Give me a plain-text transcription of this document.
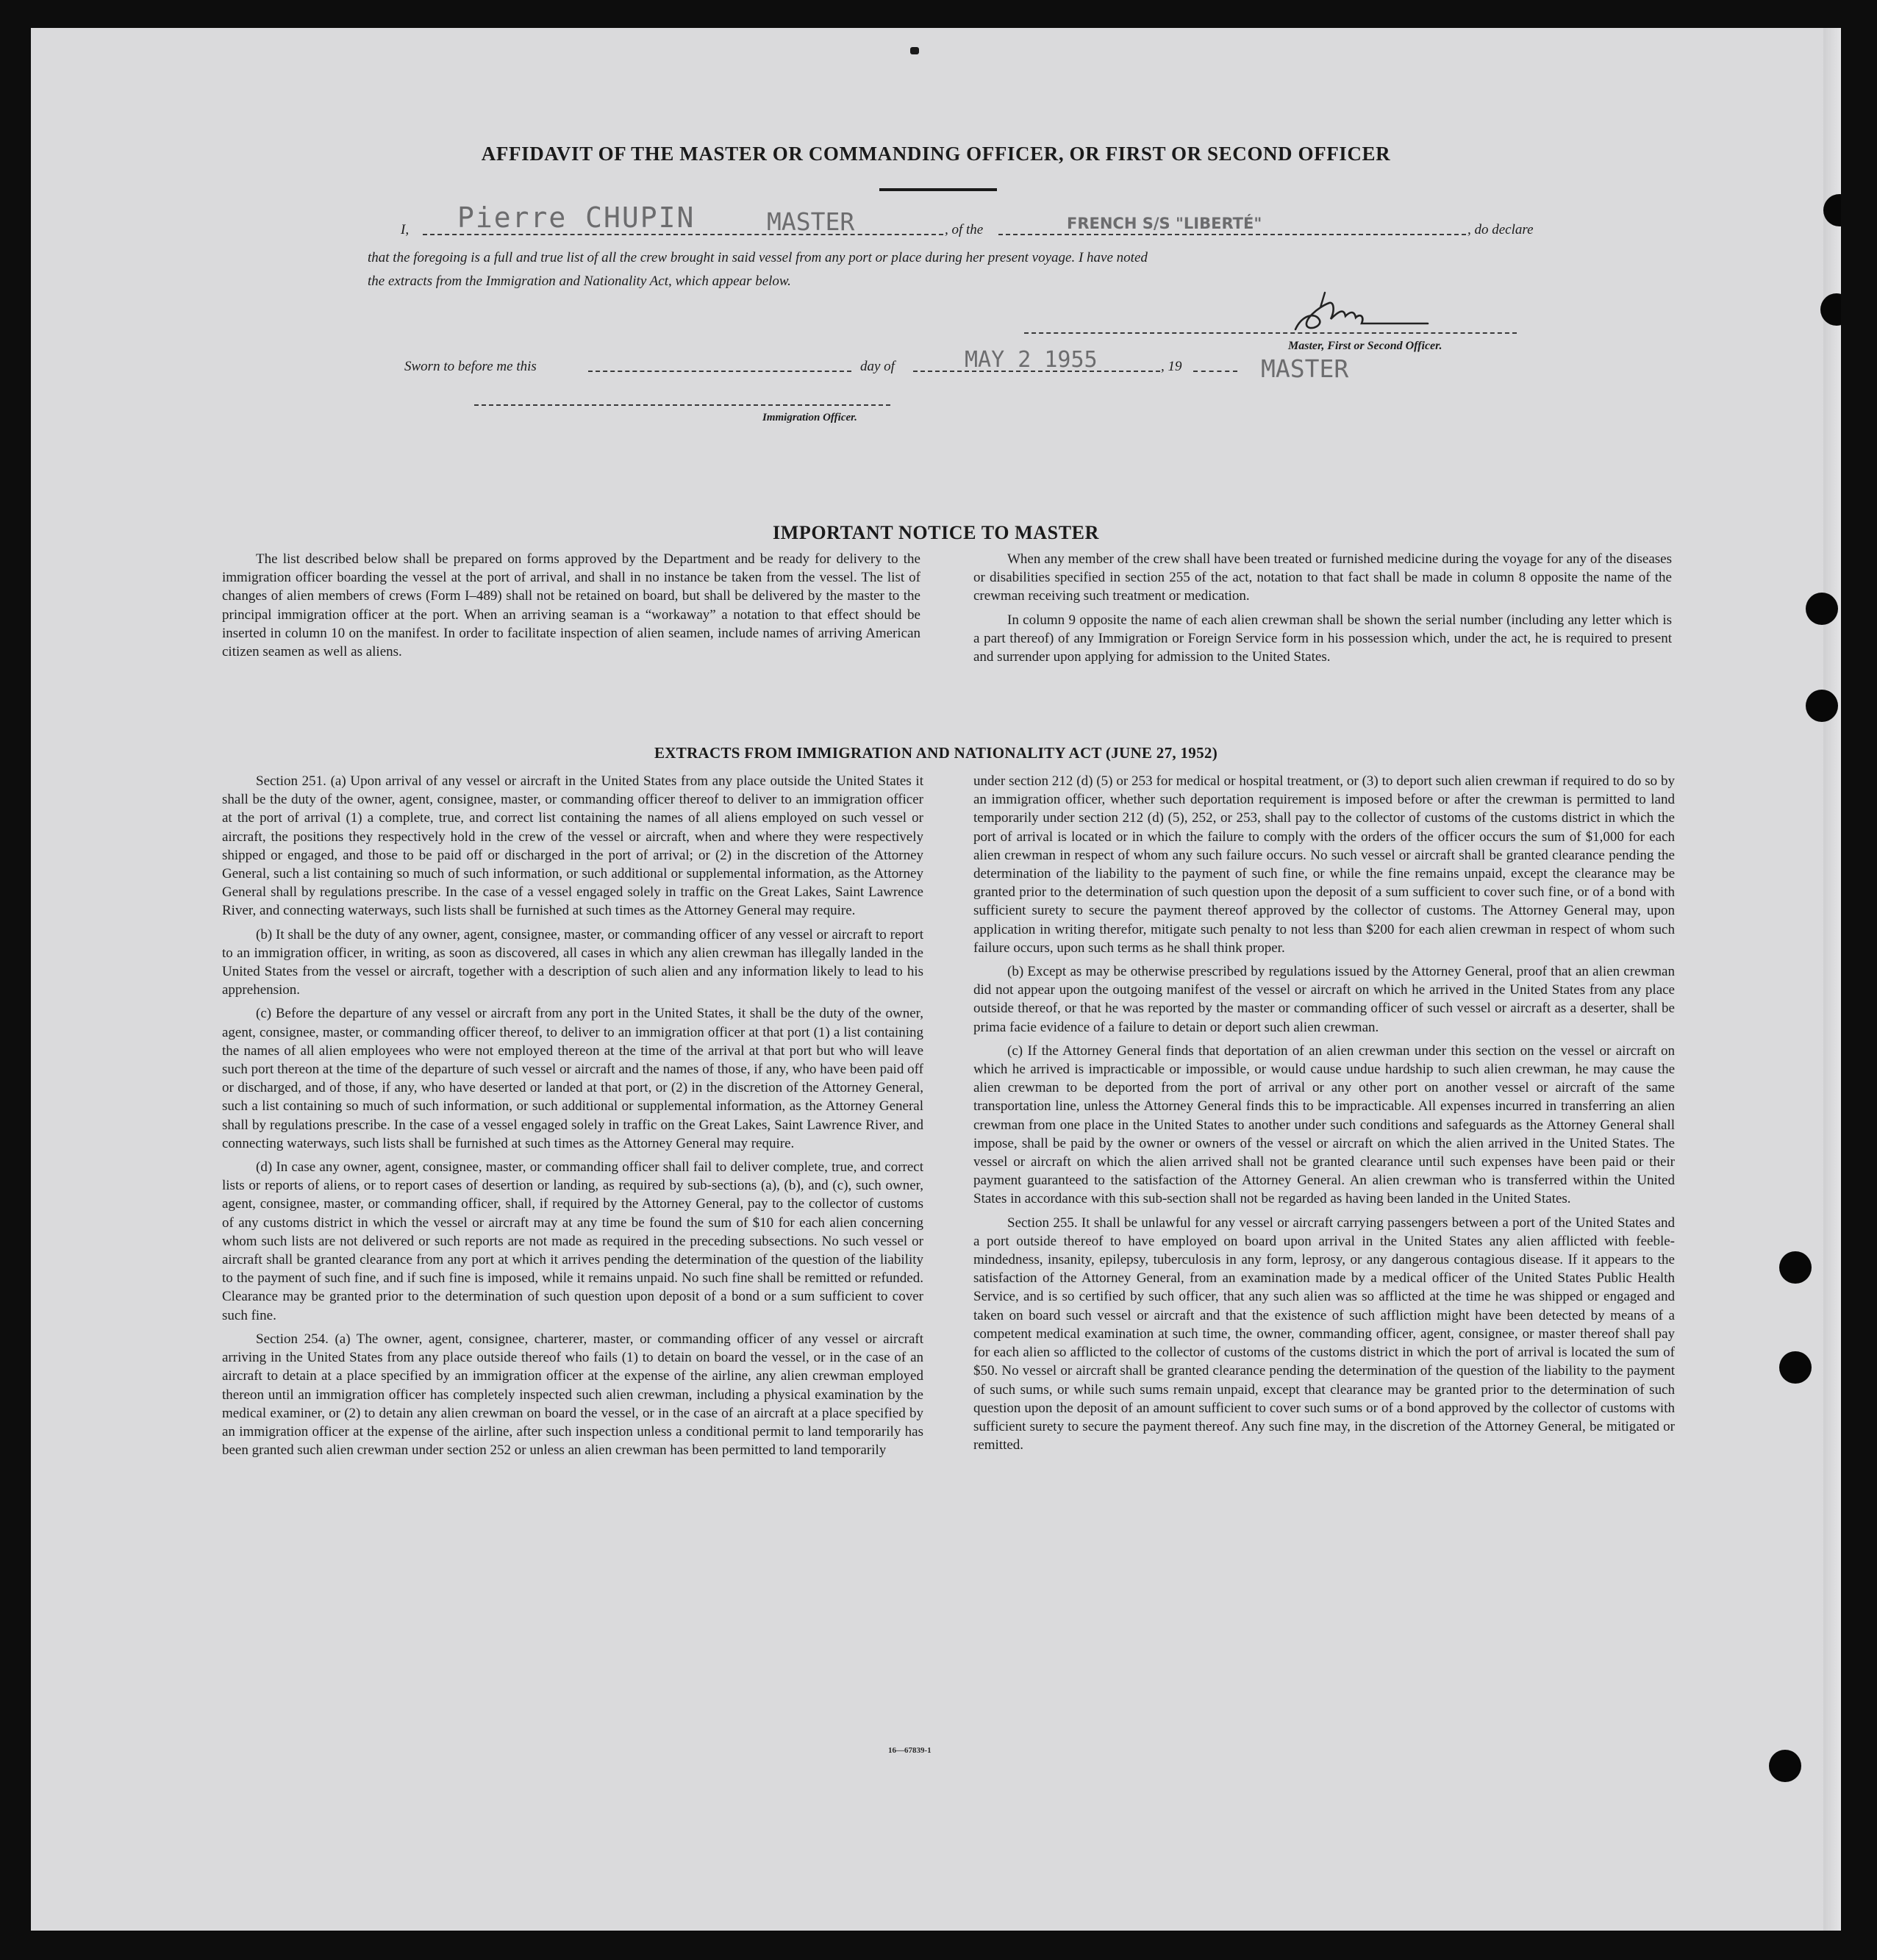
AFFIDAVIT OF THE MASTER OR COMMANDING OFFICER, OR FIRST OR SECOND OFFICER
I, Pierre CHUPIN	MASTER	, of the	FRENCH S/S "LIBERTÉ"	, do declare
that the foregoing is a full and true list of all the crew brought in said vessel from any port or place during her present voyage. I have noted
the extracts from the Immigration and Nationality Act, which appear below.
Master, First or Second Officer.
Sworn to before me this	day of	MAY 2 1955	, 19	MASTER
Immigration Officer.
IMPORTANT NOTICE TO MASTER

The list described below shall be prepared on forms approved by the Department and be ready for delivery to the immigration officer boarding the vessel at the port of arrival, and shall in no instance be taken from the vessel. The list of changes of alien members of crews (Form I–489) shall not be retained on board, but shall be delivered by the master to the principal immigration officer at the port. When an arriving seaman is a “workaway” a notation to that effect should be inserted in column 10 on the manifest. In order to facilitate inspection of alien seamen, include names of arriving American citizen seamen as well as aliens.

When any member of the crew shall have been treated or furnished medicine during the voyage for any of the diseases or disabilities specified in section 255 of the act, notation to that fact shall be made in column 8 opposite the name of the crewman receiving such treatment or medication.

In column 9 opposite the name of each alien crewman shall be shown the serial number (including any letter which is a part thereof) of any Immigration or Foreign Service form in his possession which, under the act, he is required to present and surrender upon applying for admission to the United States.

EXTRACTS FROM IMMIGRATION AND NATIONALITY ACT (JUNE 27, 1952)

Section 251. (a) Upon arrival of any vessel or aircraft in the United States from any place outside the United States it shall be the duty of the owner, agent, consignee, master, or commanding officer thereof to deliver to an immigration officer at the port of arrival (1) a complete, true, and correct list containing the names of all aliens employed on such vessel or aircraft, the positions they respectively hold in the crew of the vessel or aircraft, when and where they were respectively shipped or engaged, and those to be paid off or discharged in the port of arrival; or (2) in the discretion of the Attorney General, such a list containing so much of such information, or such additional or supplemental information, as the Attorney General shall by regulations prescribe. In the case of a vessel engaged solely in traffic on the Great Lakes, Saint Lawrence River, and connecting waterways, such lists shall be furnished at such times as the Attorney General may require.

(b) It shall be the duty of any owner, agent, consignee, master, or commanding officer of any vessel or aircraft to report to an immigration officer, in writing, as soon as discovered, all cases in which any alien crewman has illegally landed in the United States from the vessel or aircraft, together with a description of such alien and any information likely to lead to his apprehension.

(c) Before the departure of any vessel or aircraft from any port in the United States, it shall be the duty of the owner, agent, consignee, master, or commanding officer thereof, to deliver to an immigration officer at that port (1) a list containing the names of all alien employees who were not employed thereon at the time of the arrival at that port but who will leave such port thereon at the time of the departure of such vessel or aircraft and the names of those, if any, who have been paid off or discharged, and of those, if any, who have deserted or landed at that port, or (2) in the discretion of the Attorney General, such a list containing so much of such information, or such additional or supplemental information, as the Attorney General shall by regulations prescribe. In the case of a vessel engaged solely in traffic on the Great Lakes, Saint Lawrence River, and connecting waterways, such lists shall be furnished at such times as the Attorney General may require.

(d) In case any owner, agent, consignee, master, or commanding officer shall fail to deliver complete, true, and correct lists or reports of aliens, or to report cases of desertion or landing, as required by sub-sections (a), (b), and (c), such owner, agent, consignee, master, or commanding officer, shall, if required by the Attorney General, pay to the collector of customs of any customs district in which the vessel or aircraft may at any time be found the sum of $10 for each alien concerning whom such lists are not delivered or such reports are not made as required in the preceding subsections. No such vessel or aircraft shall be granted clearance from any port at which it arrives pending the determination of the question of the liability to the payment of such fine, and if such fine is imposed, while it remains unpaid. No such fine shall be remitted or refunded. Clearance may be granted prior to the determination of such question upon deposit of a bond or a sum sufficient to cover such fine.

Section 254. (a) The owner, agent, consignee, charterer, master, or commanding officer of any vessel or aircraft arriving in the United States from any place outside thereof who fails (1) to detain on board the vessel, or in the case of an aircraft to detain at a place specified by an immigration officer at the expense of the airline, any alien crewman employed thereon until an immigration officer has completely inspected such alien crewman, including a physical examination by the medical examiner, or (2) to detain any alien crewman on board the vessel, or in the case of an aircraft at a place specified by an immigration officer at the expense of the airline, after such inspection unless a conditional permit to land temporarily has been granted such alien crewman under section 252 or unless an alien crewman has been permitted to land temporarily

under section 212 (d) (5) or 253 for medical or hospital treatment, or (3) to deport such alien crewman if required to do so by an immigration officer, whether such deportation requirement is imposed before or after the crewman is permitted to land temporarily under section 212 (d) (5), 252, or 253, shall pay to the collector of customs of the customs district in which the port of arrival is located or in which the failure to comply with the orders of the officer occurs the sum of $1,000 for each alien crewman in respect of whom any such failure occurs. No such vessel or aircraft shall be granted clearance pending the determination of the liability to the payment of such fine, or while the fine remains unpaid, except the clearance may be granted prior to the determination of such question upon the deposit of a sum sufficient to cover such fine, or of a bond with sufficient surety to secure the payment thereof approved by the collector of customs. The Attorney General may, upon application in writing therefor, mitigate such penalty to not less than $200 for each alien crewman in respect of whom such failure occurs, upon such terms as he shall think proper.

(b) Except as may be otherwise prescribed by regulations issued by the Attorney General, proof that an alien crewman did not appear upon the outgoing manifest of the vessel or aircraft on which he arrived in the United States from any place outside thereof, or that he was reported by the master or commanding officer of such vessel or aircraft as a deserter, shall be prima facie evidence of a failure to detain or deport such alien crewman.

(c) If the Attorney General finds that deportation of an alien crewman under this section on the vessel or aircraft on which he arrived is impracticable or impossible, or would cause undue hardship to such alien crewman, he may cause the alien crewman to be deported from the port of arrival or any other port on another vessel or aircraft of the same transportation line, unless the Attorney General finds this to be impracticable. All expenses incurred in transferring an alien crewman from one place in the United States to another under such conditions and safeguards as the Attorney General shall impose, shall be paid by the owner or owners of the vessel or aircraft on which the alien arrived in the United States. The vessel or aircraft on which the alien arrived shall not be granted clearance until such expenses have been paid or their payment guaranteed to the satisfaction of the Attorney General. An alien crewman who is transferred within the United States in accordance with this sub-section shall not be regarded as having been landed in the United States.

Section 255. It shall be unlawful for any vessel or aircraft carrying passengers between a port of the United States and a port outside thereof to have employed on board upon arrival in the United States any alien afflicted with feeble-mindedness, insanity, epilepsy, tuberculosis in any form, leprosy, or any dangerous contagious disease. If it appears to the satisfaction of the Attorney General, from an examination made by a medical officer of the United States Public Health Service, and is so certified by such officer, that any such alien was so afflicted at the time he was shipped or engaged and taken on board such vessel or aircraft and that the existence of such affliction might have been detected by means of a competent medical examination at such time, the owner, commanding officer, agent, consignee, or master thereof shall pay for each alien so afflicted to the collector of customs of the customs district in which the port of arrival is located the sum of $50. No vessel or aircraft shall be granted clearance pending the determination of the question of the liability to the payment of such sums, or while such sums remain unpaid, except that clearance may be granted prior to the determination of such question upon the deposit of an amount sufficient to cover such sums or of a bond approved by the collector of customs with sufficient surety to secure the payment thereof. Any such fine may, in the discretion of the Attorney General, be mitigated or remitted.

16—67839-1
